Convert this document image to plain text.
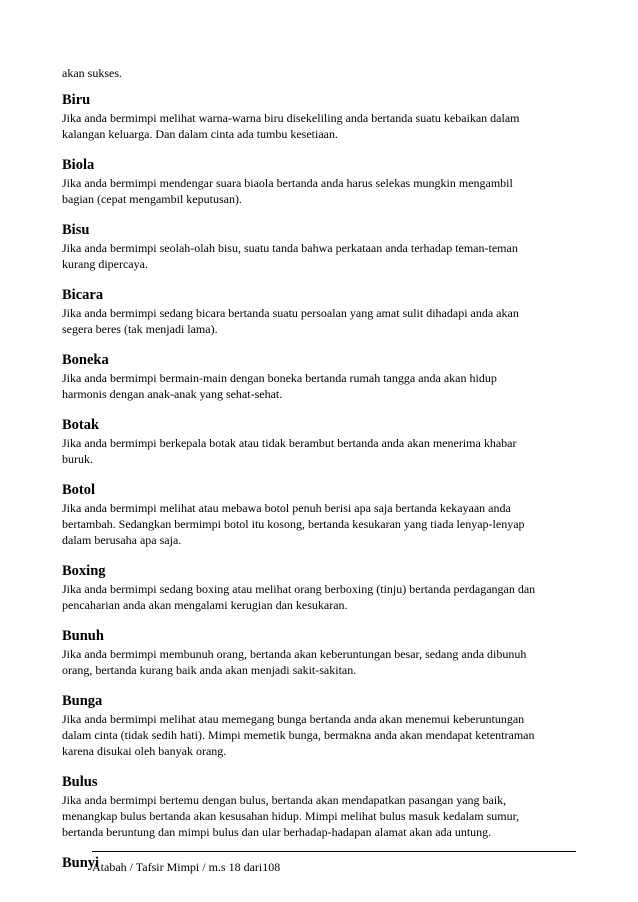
akan sukses.

Biru
Jika anda bermimpi melihat warna-warna biru disekeliling anda bertanda suatu kebaikan dalam
kalangan keluarga. Dan dalam cinta ada tumbu kesetiaan.
Biola
Jika anda bermimpi mendengar suara biaola bertanda anda harus selekas mungkin mengambil
bagian (cepat mengambil keputusan).
Bisu
Jika anda bermimpi seolah-olah bisu, suatu tanda bahwa perkataan anda terhadap teman-teman
kurang dipercaya.
Bicara
Jika anda bermimpi sedang bicara bertanda suatu persoalan yang amat sulit dihadapi anda akan
segera beres (tak menjadi lama).
Boneka
Jika anda bermimpi bermain-main dengan boneka bertanda rumah tangga anda akan hidup
harmonis dengan anak-anak yang sehat-sehat.
Botak
Jika anda bermimpi berkepala botak atau tidak berambut bertanda anda akan menerima khabar
buruk.
Botol
Jika anda bermimpi melihat atau mebawa botol penuh berisi apa saja bertanda kekayaan anda
bertambah. Sedangkan bermimpi botol itu kosong, bertanda kesukaran yang tiada lenyap-lenyap
dalam berusaha apa saja.
Boxing
Jika anda bermimpi sedang boxing atau melihat orang berboxing (tinju) bertanda perdagangan dan
pencaharian anda akan mengalami kerugian dan kesukaran.
Bunuh
Jika anda bermimpi membunuh orang, bertanda akan keberuntungan besar, sedang anda dibunuh
orang, bertanda kurang baik anda akan menjadi sakit-sakitan.
Bunga
Jika anda bermimpi melihat atau memegang bunga bertanda anda akan menemui keberuntungan
dalam cinta (tidak sedih hati). Mimpi memetik bunga, bermakna anda akan mendapat ketentraman
karena disukai oleh banyak orang.
Bulus
Jika anda bermimpi bertemu dengan bulus, bertanda akan mendapatkan pasangan yang baik,
menangkap bulus bertanda akan kesusahan hidup. Mimpi melihat bulus masuk kedalam sumur,
bertanda beruntung dan mimpi bulus dan ular berhadap-hadapan alamat akan ada untung.
Bunyi

Atabah / Tafsir Mimpi / m.s 18 dari108
